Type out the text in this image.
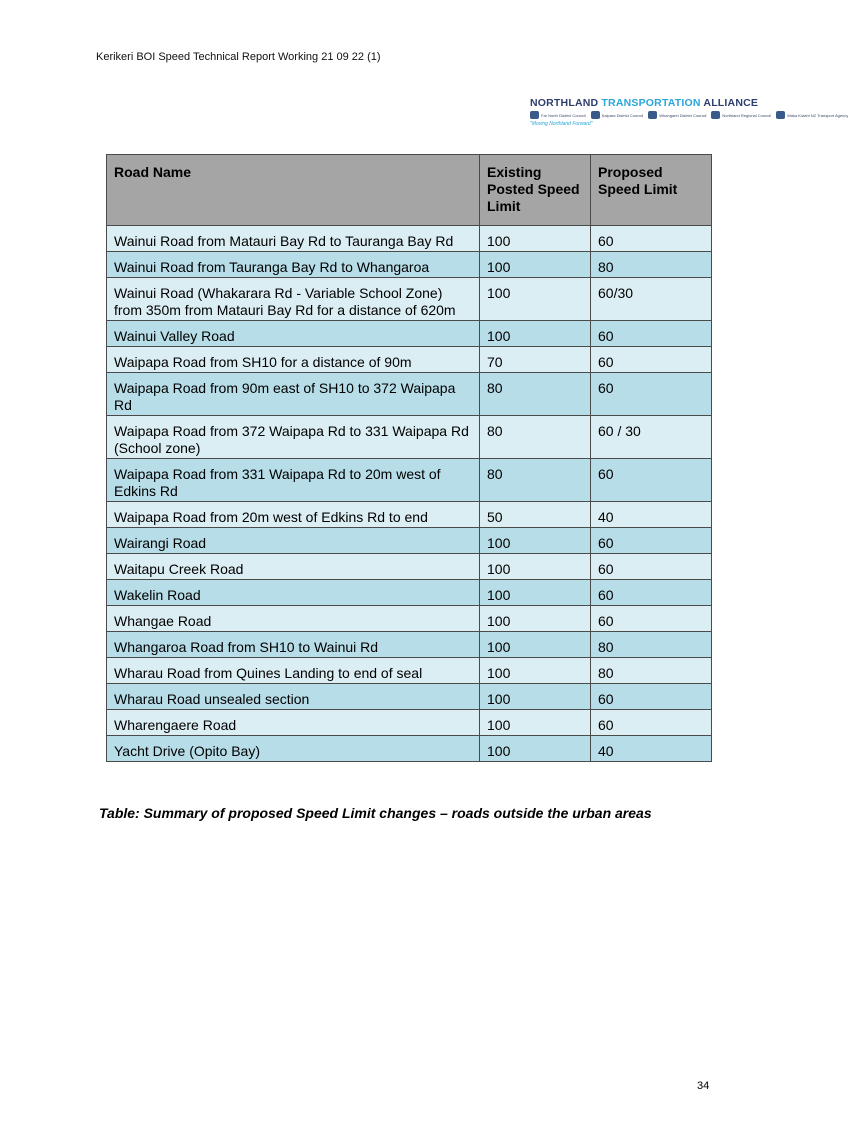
Kerikeri BOI Speed Technical Report Working 21 09 22 (1)
NORTHLAND TRANSPORTATION ALLIANCE
Far North District Council	Kaipara District Council	Whangarei District Council	Northland Regional Council	Waka Kotahi NZ Transport Agency
"Moving Northland Forward"
Road Name	Existing Posted Speed Limit	Proposed Speed Limit
Wainui Road from Matauri Bay Rd to Tauranga Bay Rd	100	60
Wainui Road from Tauranga Bay Rd to Whangaroa	100	80
Wainui Road (Whakarara Rd - Variable School Zone) from 350m from Matauri Bay Rd for a distance of 620m	100	60/30
Wainui Valley Road	100	60
Waipapa Road from SH10 for a distance of 90m	70	60
Waipapa Road from 90m east of SH10 to 372 Waipapa Rd	80	60
Waipapa Road from 372 Waipapa Rd to 331 Waipapa Rd (School zone)	80	60 / 30
Waipapa Road from 331 Waipapa Rd to 20m west of Edkins Rd	80	60
Waipapa Road from 20m west of Edkins Rd to end	50	40
Wairangi Road	100	60
Waitapu Creek Road	100	60
Wakelin Road	100	60
Whangae Road	100	60
Whangaroa Road from SH10 to Wainui Rd	100	80
Wharau Road from Quines Landing to end of seal	100	80
Wharau Road unsealed section	100	60
Wharengaere Road	100	60
Yacht Drive (Opito Bay)	100	40
Table: Summary of proposed Speed Limit changes – roads outside the urban areas
34
